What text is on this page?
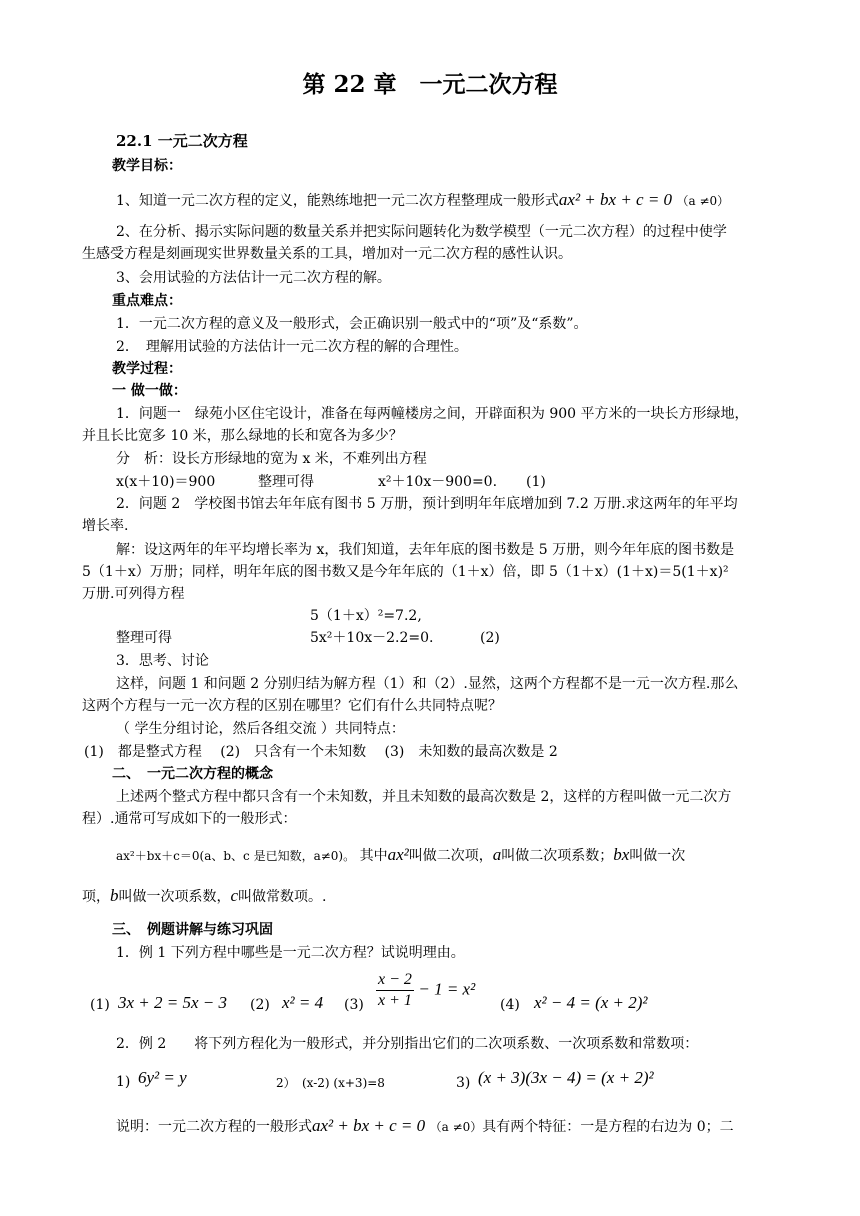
第 22 章　一元二次方程
22.1 一元二次方程
教学目标：
1、知道一元二次方程的定义，能熟练地把一元二次方程整理成一般形式ax² + bx + c = 0 （a ≠0）
2、在分析、揭示实际问题的数量关系并把实际问题转化为数学模型（一元二次方程）的过程中使学
生感受方程是刻画现实世界数量关系的工具，增加对一元二次方程的感性认识。
3、会用试验的方法估计一元二次方程的解。
重点难点：
1．一元二次方程的意义及一般形式，会正确识别一般式中的“项”及“系数”。
2．　理解用试验的方法估计一元二次方程的解的合理性。
教学过程：
一 做一做：
1．问题一　绿苑小区住宅设计，准备在每两幢楼房之间，开辟面积为 900 平方米的一块长方形绿地，
并且长比宽多 10 米，那么绿地的长和宽各为多少？
分　析：设长方形绿地的宽为 x 米，不难列出方程
x(x＋10)＝900	整理可得	x²＋10x－900=0. (1)
2．问题 2　学校图书馆去年年底有图书 5 万册，预计到明年年底增加到 7.2 万册.求这两年的年平均
增长率.
解：设这两年的年平均增长率为 x，我们知道，去年年底的图书数是 5 万册，则今年年底的图书数是
5（1＋x）万册；同样，明年年底的图书数又是今年年底的（1＋x）倍，即 5（1＋x）(1＋x)＝5(1＋x)²
万册.可列得方程
5（1＋x）²=7.2,
整理可得	5x²＋10x－2.2=0.	(2)
3．思考、讨论
这样，问题 1 和问题 2 分别归结为解方程（1）和（2）.显然，这两个方程都不是一元一次方程.那么
这两个方程与一元一次方程的区别在哪里？它们有什么共同特点呢？
（ 学生分组讨论，然后各组交流 ）共同特点：
(1)　都是整式方程　 (2)　只含有一个未知数　 (3)　未知数的最高次数是 2
二、　一元二次方程的概念
上述两个整式方程中都只含有一个未知数，并且未知数的最高次数是 2，这样的方程叫做一元二次方
程）.通常可写成如下的一般形式：
ax²＋bx＋c＝0(a、b、c 是已知数，a≠0)。 其中ax²叫做二次项，a叫做二次项系数；bx叫做一次
项，b叫做一次项系数，c叫做常数项。.
三、　例题讲解与练习巩固
1．例 1 下列方程中哪些是一元二次方程？试说明理由。
(1) 3x + 2 = 5x − 3 (2) x² = 4 $(3) \frac{x - 2}{x + 1} - 1 = x^2$
(4) x² − 4 = (x + 2)²
2．例 2　　将下列方程化为一般形式，并分别指出它们的二次项系数、一次项系数和常数项：
1) 6y² = y	2） (x-2) (x+3)=8	3) (x + 3)(3x − 4) = (x + 2)²
说明：一元二次方程的一般形式ax² + bx + c = 0 （a ≠0）具有两个特征：一是方程的右边为 0；二
